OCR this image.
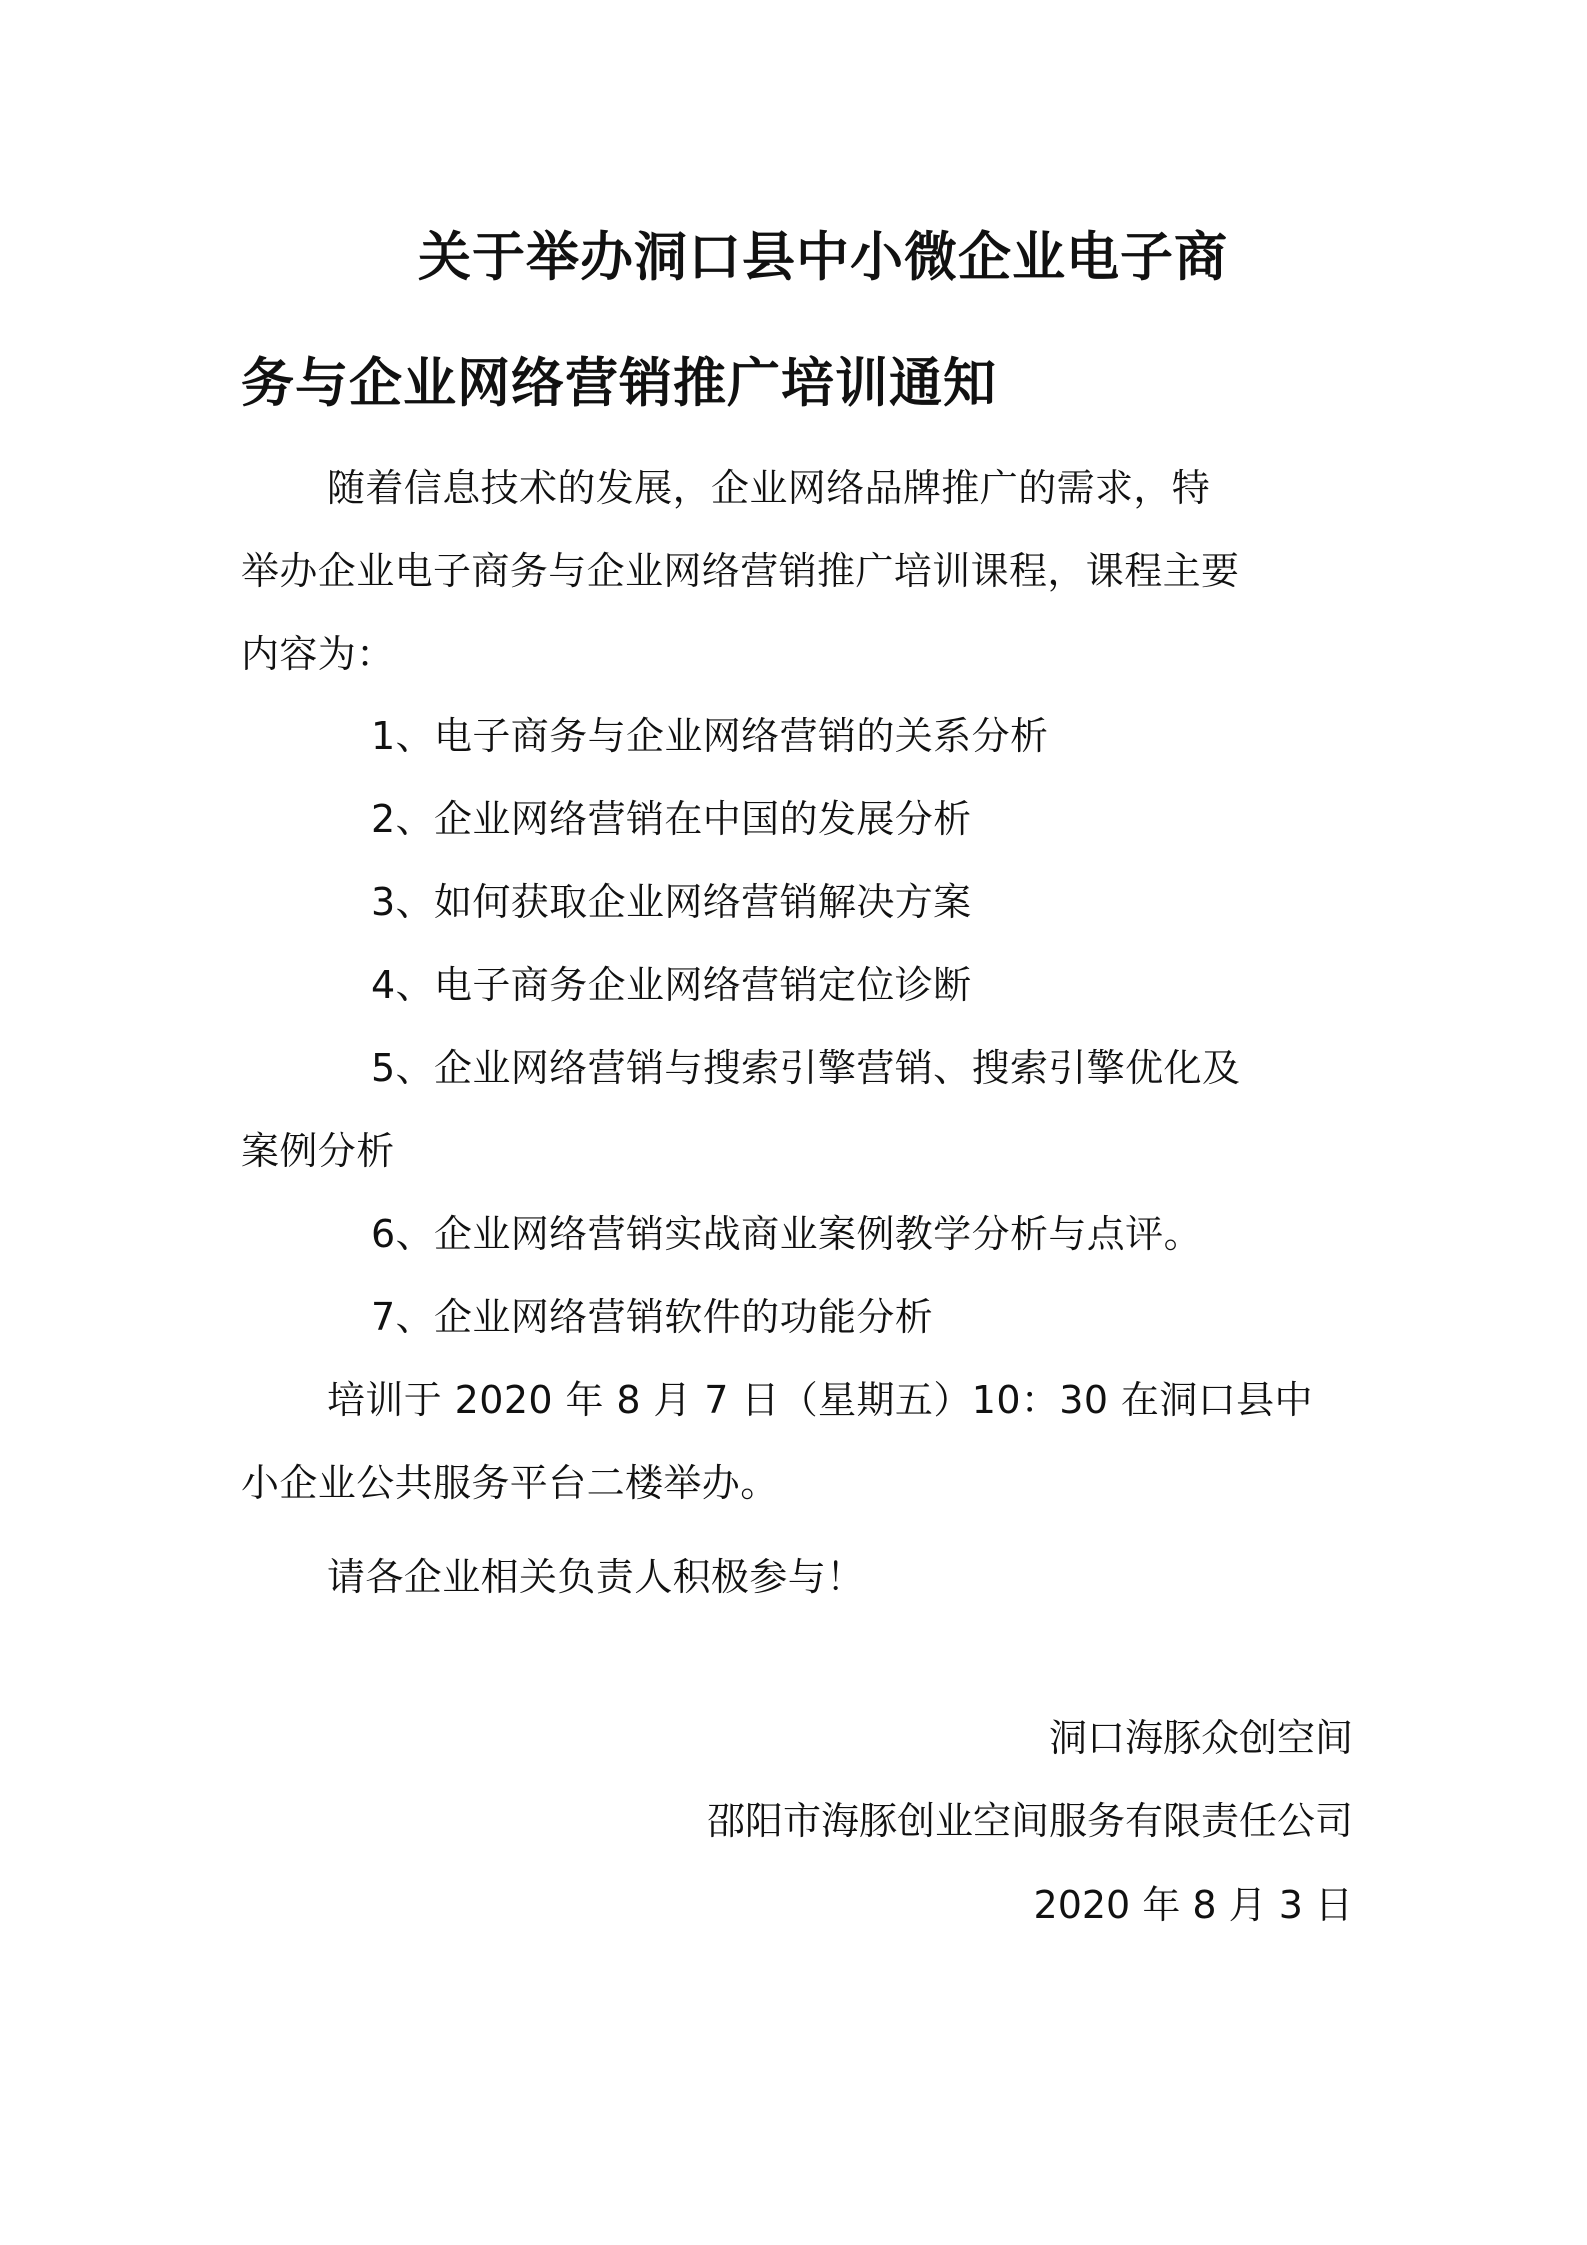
关于举办洞口县中小微企业电子商
务与企业网络营销推广培训通知

随着信息技术的发展，企业网络品牌推广的需求，特

举办企业电子商务与企业网络营销推广培训课程，课程主要

内容为：

1、电子商务与企业网络营销的关系分析

2、企业网络营销在中国的发展分析

3、如何获取企业网络营销解决方案

4、电子商务企业网络营销定位诊断

5、企业网络营销与搜索引擎营销、搜索引擎优化及

案例分析

6、企业网络营销实战商业案例教学分析与点评。

7、企业网络营销软件的功能分析

培训于 2020 年 8 月 7 日（星期五）10：30 在洞口县中

小企业公共服务平台二楼举办。

请各企业相关负责人积极参与！

洞口海豚众创空间

邵阳市海豚创业空间服务有限责任公司

2020 年 8 月 3 日
